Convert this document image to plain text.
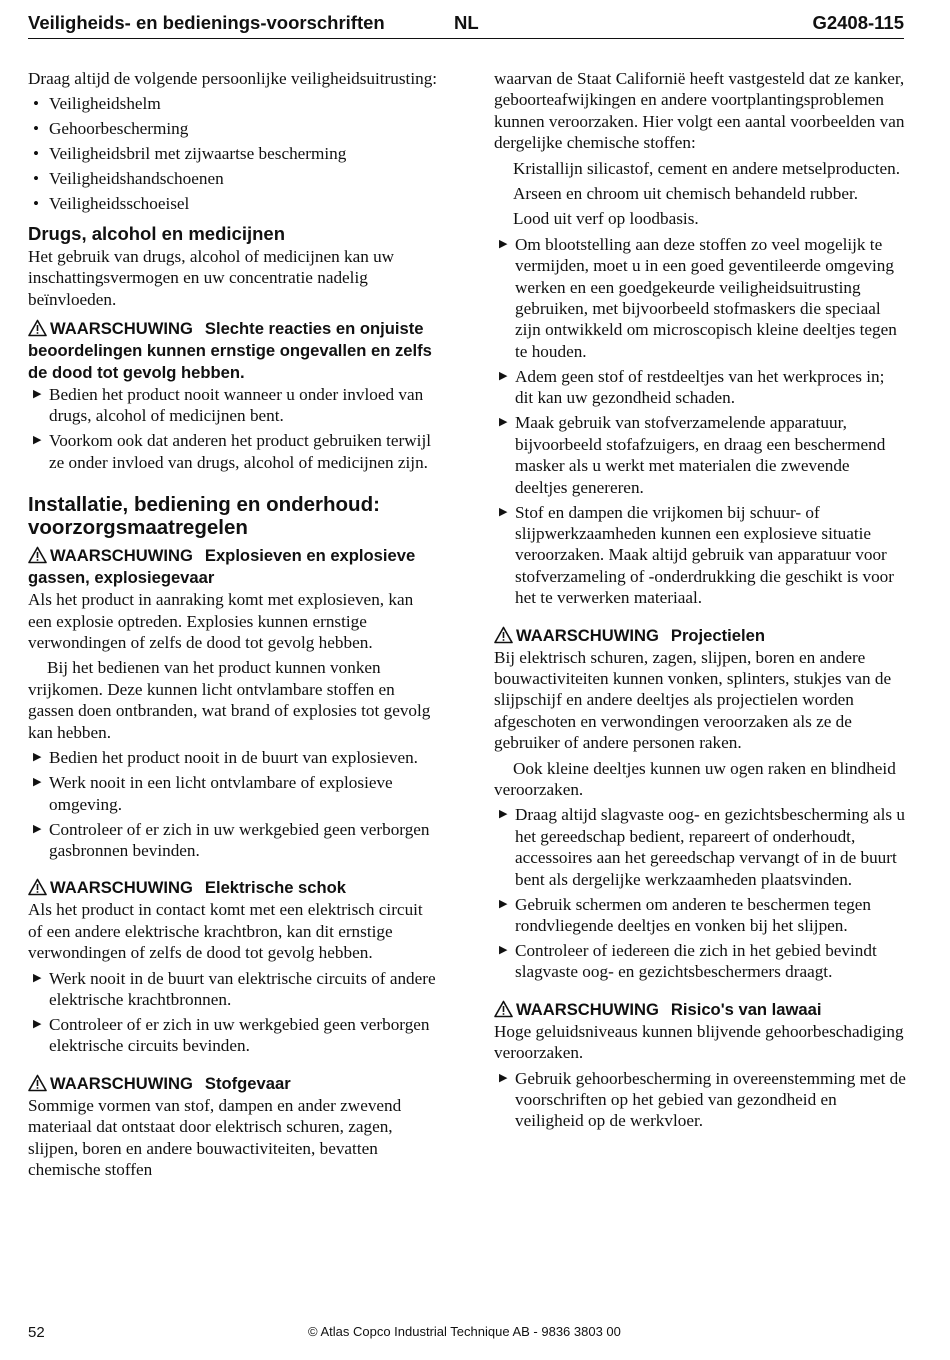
Veiligheids- en bedienings-voorschriften	NL	G2408-115

Draag altijd de volgende persoonlijke veiligheidsuitrusting:

• Veiligheidshelm
• Gehoorbescherming
• Veiligheidsbril met zijwaartse bescherming
• Veiligheidshandschoenen
• Veiligheidsschoeisel
Drugs, alcohol en medicijnen

Het gebruik van drugs, alcohol of medicijnen kan uw inschattingsvermogen en uw concentratie nadelig beïnvloeden.

WAARSCHUWING Slechte reacties en onjuiste beoordelingen kunnen ernstige ongevallen en zelfs de dood tot gevolg hebben.
▶ Bedien het product nooit wanneer u onder invloed van drugs, alcohol of medicijnen bent.
▶ Voorkom ook dat anderen het product gebruiken terwijl ze onder invloed van drugs, alcohol of medicijnen zijn.
Installatie, bediening en onderhoud: voorzorgsmaatregelen
WAARSCHUWING Explosieven en explosieve gassen, explosiegevaar

Als het product in aanraking komt met explosieven, kan een explosie optreden. Explosies kunnen ernstige verwondingen of zelfs de dood tot gevolg hebben.

Bij het bedienen van het product kunnen vonken vrijkomen. Deze kunnen licht ontvlambare stoffen en gassen doen ontbranden, wat brand of explosies tot gevolg kan hebben.

▶ Bedien het product nooit in de buurt van explosieven.
▶ Werk nooit in een licht ontvlambare of explosieve omgeving.
▶ Controleer of er zich in uw werkgebied geen verborgen gasbronnen bevinden.
WAARSCHUWING Elektrische schok

Als het product in contact komt met een elektrisch circuit of een andere elektrische krachtbron, kan dit ernstige verwondingen of zelfs de dood tot gevolg hebben.

▶ Werk nooit in de buurt van elektrische circuits of andere elektrische krachtbronnen.
▶ Controleer of er zich in uw werkgebied geen verborgen elektrische circuits bevinden.
WAARSCHUWING Stofgevaar

Sommige vormen van stof, dampen en ander zwevend materiaal dat ontstaat door elektrisch schuren, zagen, slijpen, boren en andere bouwactiviteiten, bevatten chemische stoffen

waarvan de Staat Californië heeft vastgesteld dat ze kanker, geboorteafwijkingen en andere voortplantingsproblemen kunnen veroorzaken. Hier volgt een aantal voorbeelden van dergelijke chemische stoffen:

Kristallijn silicastof, cement en andere metselproducten.

Arseen en chroom uit chemisch behandeld rubber.

Lood uit verf op loodbasis.

▶ Om blootstelling aan deze stoffen zo veel mogelijk te vermijden, moet u in een goed geventileerde omgeving werken en een goedgekeurde veiligheidsuitrusting gebruiken, met bijvoorbeeld stofmaskers die speciaal zijn ontwikkeld om microscopisch kleine deeltjes tegen te houden.
▶ Adem geen stof of restdeeltjes van het werkproces in; dit kan uw gezondheid schaden.
▶ Maak gebruik van stofverzamelende apparatuur, bijvoorbeeld stofafzuigers, en draag een beschermend masker als u werkt met materialen die zwevende deeltjes genereren.
▶ Stof en dampen die vrijkomen bij schuur- of slijpwerkzaamheden kunnen een explosieve situatie veroorzaken. Maak altijd gebruik van apparatuur voor stofverzameling of -onderdrukking die geschikt is voor het te verwerken materiaal.
WAARSCHUWING Projectielen

Bij elektrisch schuren, zagen, slijpen, boren en andere bouwactiviteiten kunnen vonken, splinters, stukjes van de slijpschijf en andere deeltjes als projectielen worden afgeschoten en verwondingen veroorzaken als ze de gebruiker of andere personen raken.

Ook kleine deeltjes kunnen uw ogen raken en blindheid veroorzaken.

▶ Draag altijd slagvaste oog- en gezichtsbescherming als u het gereedschap bedient, repareert of onderhoudt, accessoires aan het gereedschap vervangt of in de buurt bent als dergelijke werkzaamheden plaatsvinden.
▶ Gebruik schermen om anderen te beschermen tegen rondvliegende deeltjes en vonken bij het slijpen.
▶ Controleer of iedereen die zich in het gebied bevindt slagvaste oog- en gezichtsbeschermers draagt.
WAARSCHUWING Risico's van lawaai

Hoge geluidsniveaus kunnen blijvende gehoorbeschadiging veroorzaken.

▶ Gebruik gehoorbescherming in overeenstemming met de voorschriften op het gebied van gezondheid en veiligheid op de werkvloer.
52	© Atlas Copco Industrial Technique AB - 9836 3803 00
